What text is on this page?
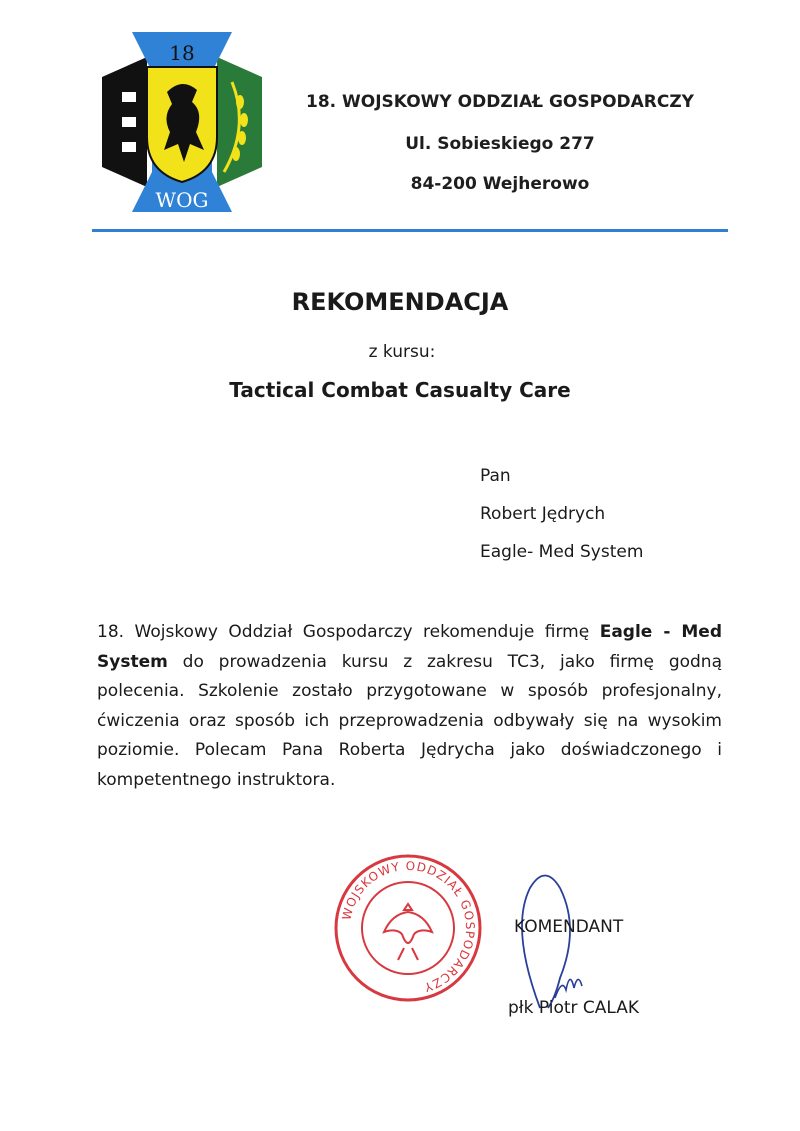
18
WOG
18. WOJSKOWY ODDZIAŁ GOSPODARCZY
Ul. Sobieskiego 277
84-200 Wejherowo
REKOMENDACJA
z kursu:
Tactical Combat Casualty Care
Pan
Robert Jędrych
Eagle- Med System
18. Wojskowy Oddział Gospodarczy rekomenduje firmę Eagle - Med System do prowadzenia kursu z zakresu TC3, jako firmę godną polecenia. Szkolenie zostało przygotowane w sposób profesjonalny, ćwiczenia oraz sposób ich przeprowadzenia odbywały się na wysokim poziomie. Polecam Pana Roberta Jędrycha jako doświadczonego i kompetentnego instruktora.
WOJSKOWY ODDZIAŁ GOSPODARCZY
KOMENDANT
płk Piotr CALAK
